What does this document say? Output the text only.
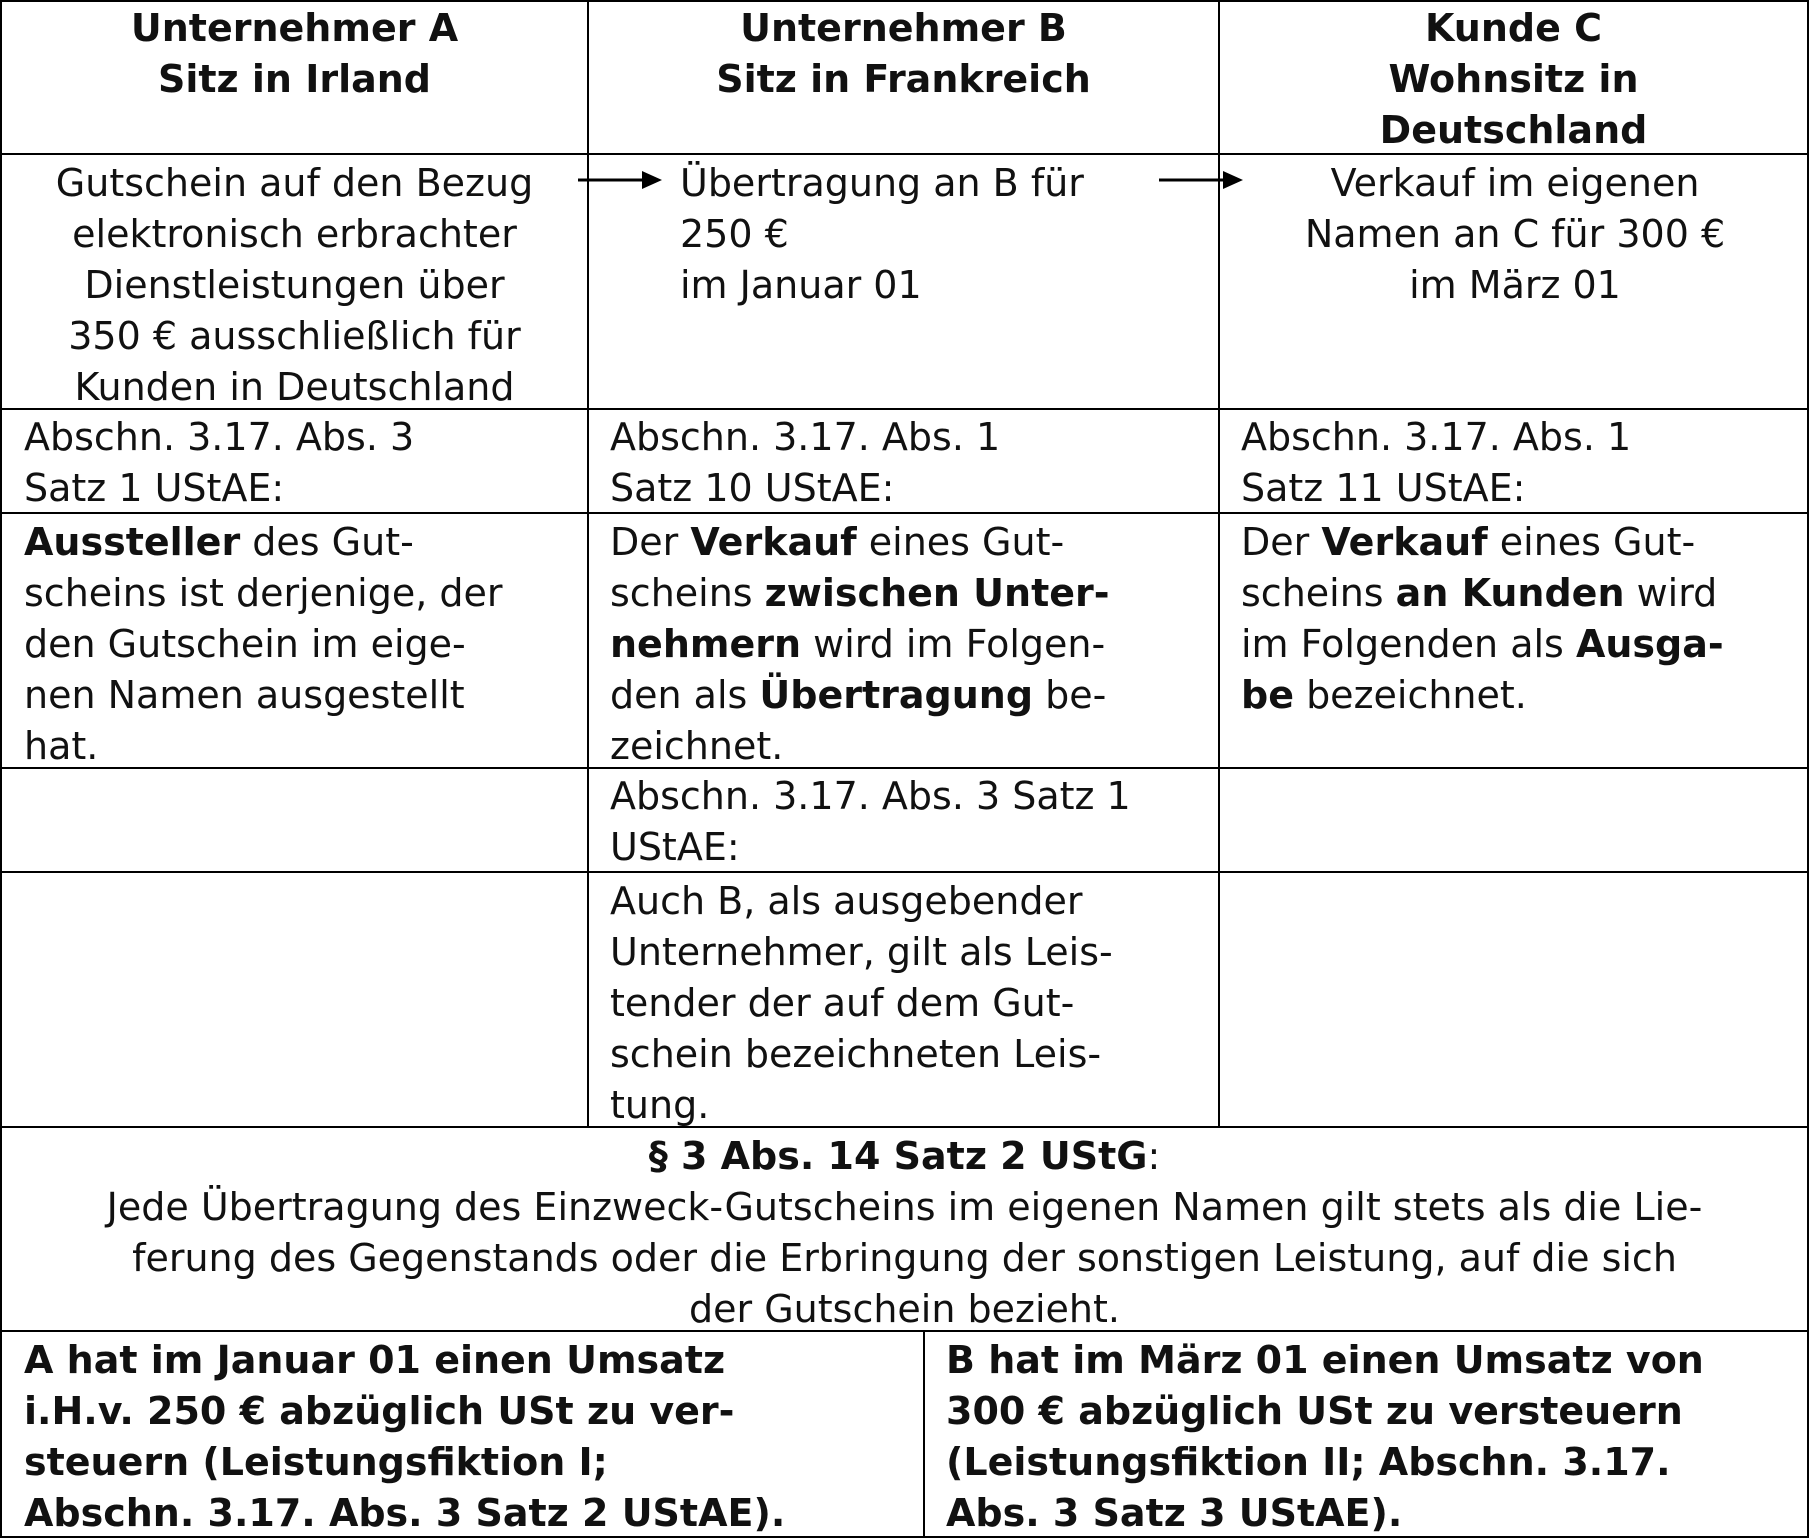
Unternehmer A
Sitz in Irland
Unternehmer B
Sitz in Frankreich
Kunde C
Wohnsitz in
Deutschland
Gutschein auf den Bezug
elektronisch erbrachter
Dienstleistungen über
350 € ausschließlich für
Kunden in Deutschland
Übertragung an B für
250 €
im Januar 01
Verkauf im eigenen
Namen an C für 300 €
im März 01
Abschn. 3.17. Abs. 3
Satz 1 UStAE:
Abschn. 3.17. Abs. 1
Satz 10 UStAE:
Abschn. 3.17. Abs. 1
Satz 11 UStAE:
Aussteller des Gut-
scheins ist derjenige, der
den Gutschein im eige-
nen Namen ausgestellt
hat.
Der Verkauf eines Gut-
scheins zwischen Unter-
nehmern wird im Folgen-
den als Übertragung be-
zeichnet.
Der Verkauf eines Gut-
scheins an Kunden wird
im Folgenden als Ausga-
be bezeichnet.
Abschn. 3.17. Abs. 3 Satz 1
UStAE:
Auch B, als ausgebender
Unternehmer, gilt als Leis-
tender der auf dem Gut-
schein bezeichneten Leis-
tung.
§ 3 Abs. 14 Satz 2 UStG:
Jede Übertragung des Einzweck-Gutscheins im eigenen Namen gilt stets als die Lie-
ferung des Gegenstands oder die Erbringung der sonstigen Leistung, auf die sich
der Gutschein bezieht.
A hat im Januar 01 einen Umsatz
i.H.v. 250 € abzüglich USt zu ver-
steuern (Leistungsfiktion I;
Abschn. 3.17. Abs. 3 Satz 2 UStAE).
B hat im März 01 einen Umsatz von
300 € abzüglich USt zu versteuern
(Leistungsfiktion II; Abschn. 3.17.
Abs. 3 Satz 3 UStAE).
